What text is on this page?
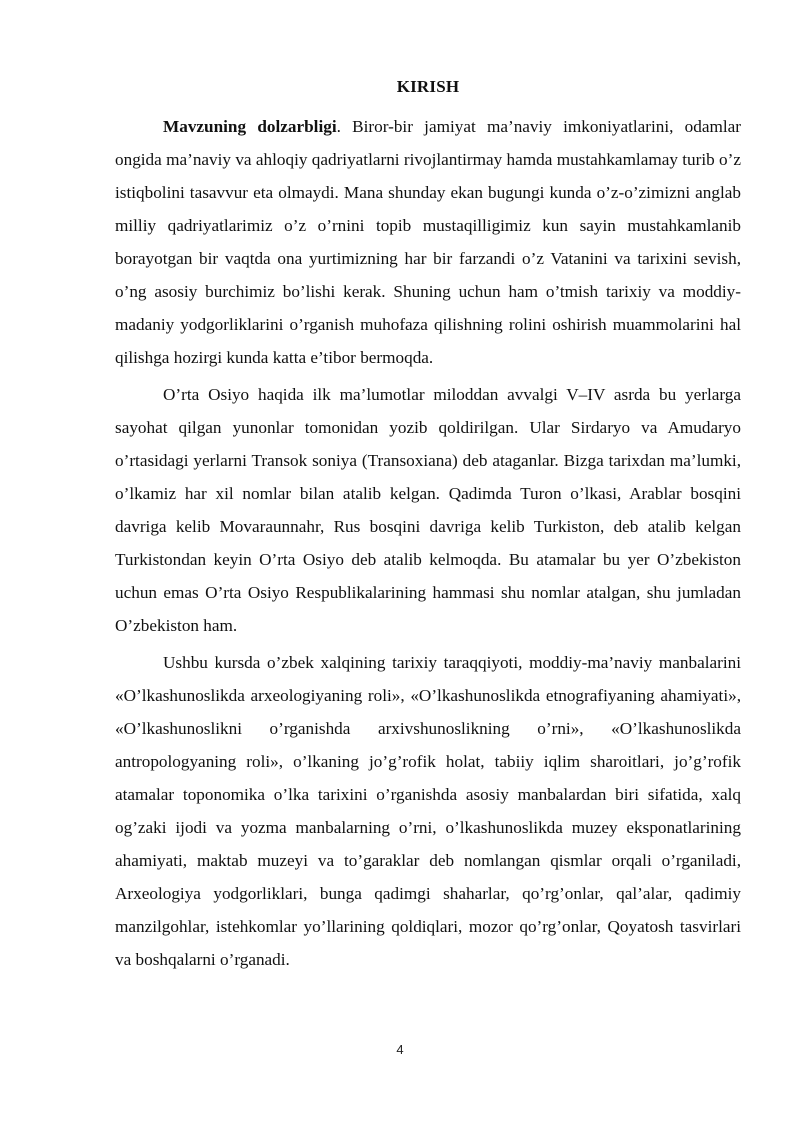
KIRISH

Mavzuning dolzarbligi. Biror-bir jamiyat ma’naviy imkoniyatlarini, odamlar ongida ma’naviy va ahloqiy qadriyatlarni rivojlantirmay hamda mustahkamlamay turib o’z istiqbolini tasavvur eta olmaydi. Mana shunday ekan bugungi kunda o’z-o’zimizni anglab milliy qadriyatlarimiz o’z o’rnini topib mustaqilligimiz kun sayin mustahkamlanib borayotgan bir vaqtda ona yurtimizning har bir farzandi o’z Vatanini va tarixini sevish, o’ng asosiy burchimiz bo’lishi kerak. Shuning uchun ham o’tmish tarixiy va moddiy-madaniy yodgorliklarini o’rganish muhofaza qilishning rolini oshirish muammolarini hal qilishga hozirgi kunda katta e’tibor bermoqda.

O’rta Osiyo haqida ilk ma’lumotlar miloddan avvalgi V–IV asrda bu yerlarga sayohat qilgan yunonlar tomonidan yozib qoldirilgan. Ular Sirdaryo va Amudaryo o’rtasidagi yerlarni Transok soniya (Transoxiana) deb ataganlar. Bizga tarixdan ma’lumki, o’lkamiz har xil nomlar bilan atalib kelgan. Qadimda Turon o’lkasi, Arablar bosqini davriga kelib Movaraunnahr, Rus bosqini davriga kelib Turkiston, deb atalib kelgan Turkistondan keyin O’rta Osiyo deb atalib kelmoqda. Bu atamalar bu yer O’zbekiston uchun emas O’rta Osiyo Respublikalarining hammasi shu nomlar atalgan, shu jumladan O’zbekiston ham.

Ushbu kursda o’zbek xalqining tarixiy taraqqiyoti, moddiy-ma’naviy manbalarini «O’lkashunoslikda arxeologiyaning roli», «O’lkashunoslikda etnografiyaning ahamiyati», «O’lkashunoslikni o’rganishda arxivshunoslikning o’rni», «O’lkashunoslikda antropologyaning roli», o’lkaning jo’g’rofik holat, tabiiy iqlim sharoitlari, jo’g’rofik atamalar toponomika o’lka tarixini o’rganishda asosiy manbalardan biri sifatida, xalq og’zaki ijodi va yozma manbalarning o’rni, o’lkashunoslikda muzey eksponatlarining ahamiyati, maktab muzeyi va to’garaklar deb nomlangan qismlar orqali o’rganiladi, Arxeologiya yodgorliklari, bunga qadimgi shaharlar, qo’rg’onlar, qal’alar, qadimiy manzilgohlar, istehkomlar yo’llarining qoldiqlari, mozor qo’rg’onlar, Qoyatosh tasvirlari va boshqalarni o’rganadi.

4
